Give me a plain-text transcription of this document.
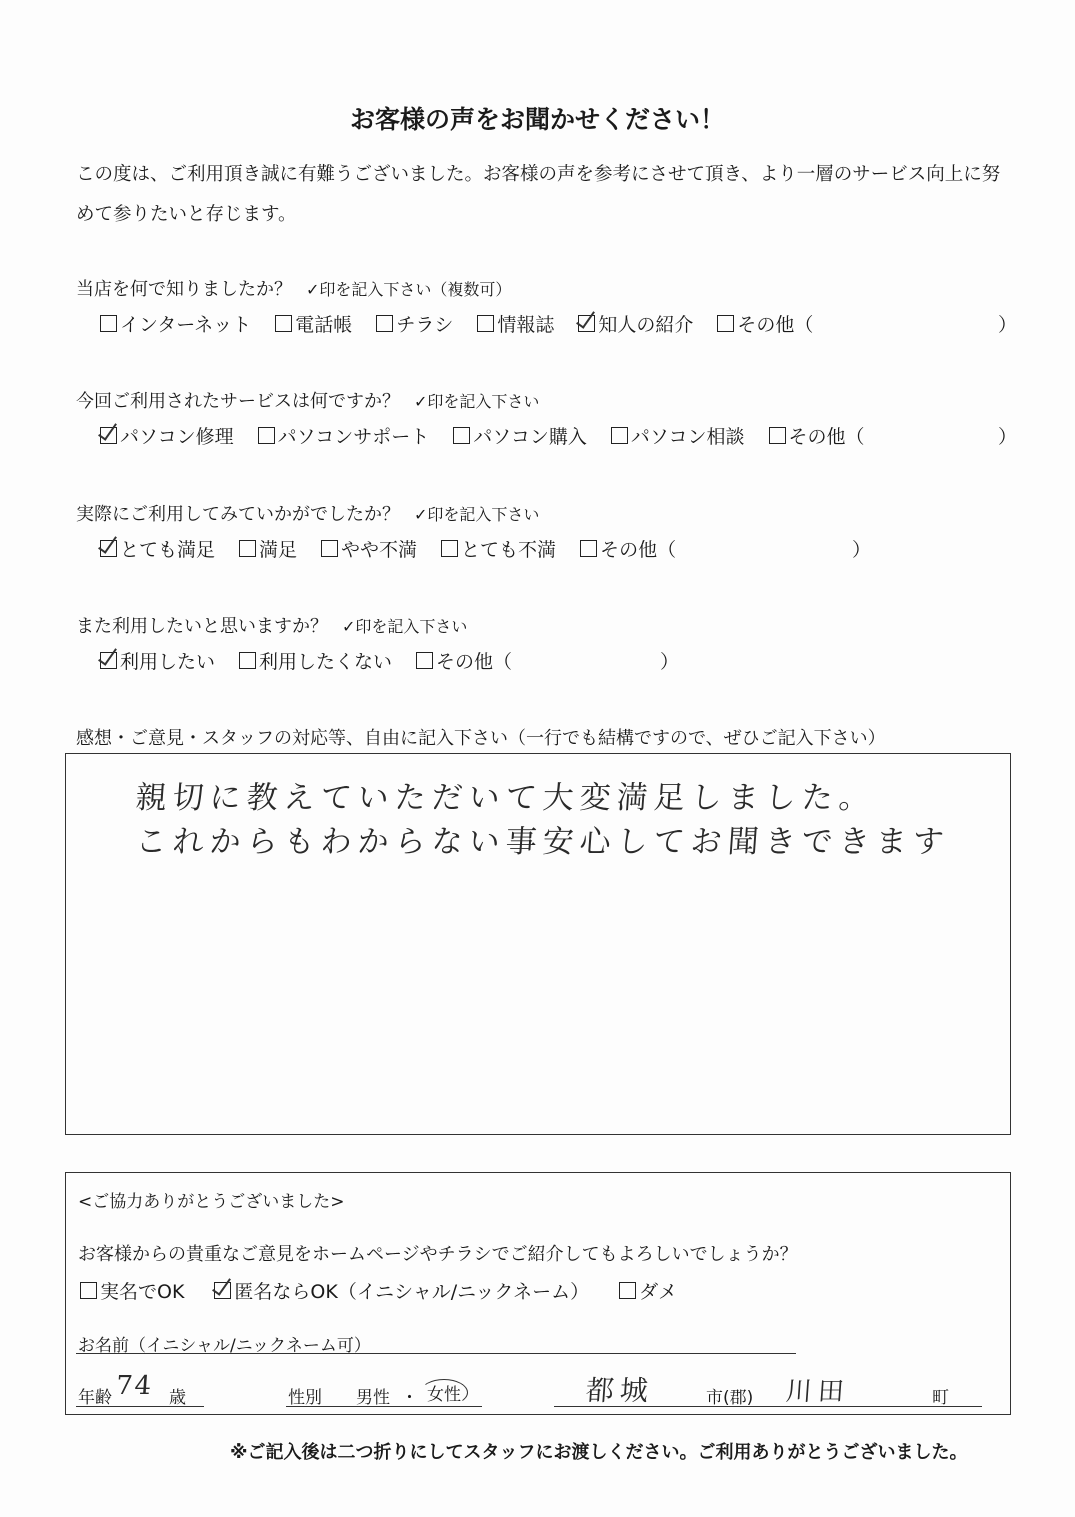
お客様の声をお聞かせください！
この度は、ご利用頂き誠に有難うございました。お客様の声を参考にさせて頂き、より一層のサービス向上に努
めて参りたいと存じます。
当店を何で知りましたか？ ✓印を記入下さい（複数可）
インターネット 電話帳 チラシ 情報誌 知人の紹介 その他（	）
今回ご利用されたサービスは何ですか？ ✓印を記入下さい
パソコン修理 パソコンサポート パソコン購入 パソコン相談 その他（	）
実際にご利用してみていかがでしたか？ ✓印を記入下さい
とても満足 満足 やや不満 とても不満 その他（	）
また利用したいと思いますか？ ✓印を記入下さい
利用したい 利用したくない その他（	）
感想・ご意見・スタッフの対応等、自由に記入下さい（一行でも結構ですので、ぜひご記入下さい）
親切に教えていただいて大変満足しました。
これからもわからない事安心してお聞きできます
<ご協力ありがとうございました>
お客様からの貴重なご意見をホームページやチラシでご紹介してもよろしいでしょうか？
実名でOK	匿名ならOK（イニシャル/ニックネーム）	ダメ
お名前（イニシャル/ニックネーム可）
年齢 74 歳	性別 男性 ・ 女性	都城	市(郡) 川田	町
※ご記入後は二つ折りにしてスタッフにお渡しください。ご利用ありがとうございました。
